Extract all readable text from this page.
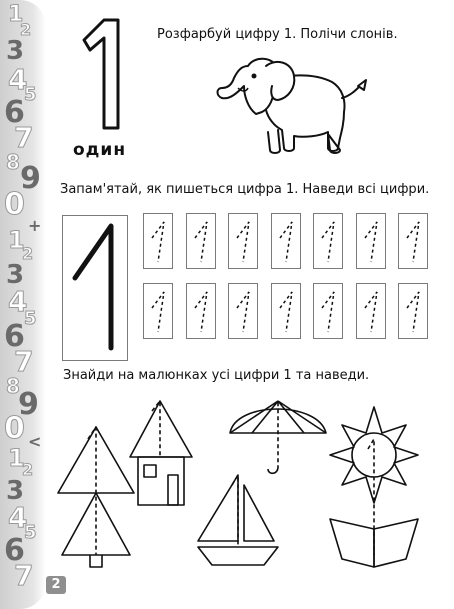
1
2
3
4
5
6
7
8 9
0
+
1
2
3
4
5
6
7
8
9
0 <
1
2
3
4
5
6
7	2
один
Розфарбуй цифру 1. Полічи слонів.
Запам'ятай, як пишеться цифра 1. Наведи всі цифри.
Знайди на малюнках усі цифри 1 та наведи.
